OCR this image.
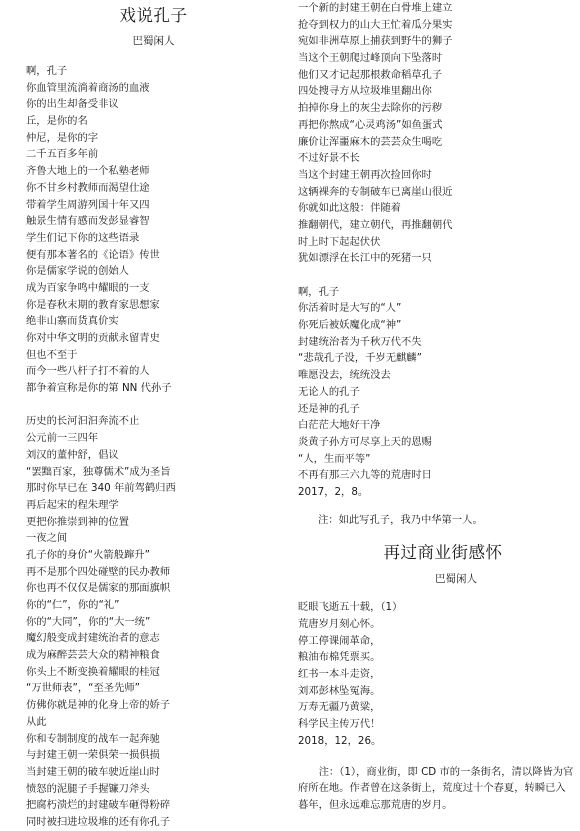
戏说孔子
巴蜀闲人
啊，孔子
你血管里流淌着商汤的血液
你的出生却备受非议
丘，是你的名
仲尼，是你的字
二千五百多年前
齐鲁大地上的一个私塾老师
你不甘乡村教师而渴望仕途
带着学生周游列国十年又四
触景生情有感而发彭显睿智
学生们记下你的这些语录
便有那本著名的《论语》传世
你是儒家学说的创始人
成为百家争鸣中耀眼的一支
你是春秋末期的教育家思想家
绝非山寨而货真价实
你对中华文明的贡献永留青史
但也不至于
而今一些八杆子打不着的人
都争着宣称是你的第 NN 代孙子
历史的长河汩汩奔流不止
公元前一三四年
刘汉的董仲舒，倡议
“罢黜百家，独尊儒术”成为圣旨
那时你早已在 340 年前驾鹤归西
再后起宋的程朱理学
更把你推崇到神的位置
一夜之间
孔子你的身价“火箭般蹿升”
再不是那个四处碰壁的民办教师
你也再不仅仅是儒家的那面旗帜
你的“仁”，你的“礼”
你的“大同”，你的“大一统”
魔幻般变成封建统治者的意志
成为麻醉芸芸大众的精神粮食
你头上不断变换着耀眼的桂冠
“万世师表”，“至圣先师”
仿佛你就是神的化身上帝的娇子
从此
你和专制制度的战车一起奔驰
与封建王朝一荣俱荣一损俱损
当封建王朝的破车驶近崖山时
愤怒的泥腿子手握镰刀斧头
把腐朽溃烂的封建破车砸得粉碎
同时被扫进垃圾堆的还有你孔子
一个新的封建王朝在白骨堆上建立
抢夺到权力的山大王忙着瓜分果实
宛如非洲草原上捕获到野牛的狮子
当这个王朝爬过峰顶向下坠落时
他们又才记起那根救命稻草孔子
四处搜寻方从垃圾堆里翻出你
拍掉你身上的灰尘去除你的污秽
再把你熬成“心灵鸡汤”如鱼蛋式
廉价让浑噩麻木的芸芸众生喝吃
不过好景不长
当这个封建王朝再次捡回你时
这辆裸奔的专制破车已离崖山很近
你就如此这般：伴随着
推翻朝代，建立朝代，再推翻朝代
时上时下起起伏伏
犹如漂浮在长江中的死猪一只
啊，孔子
你活着时是大写的“人”
你死后被妖魔化成“神”
封建统治者为千秋万代不失
“悲哉孔子没，千岁无麒麟”
唯愿没去，统统没去
无论人的孔子
还是神的孔子
白茫茫大地好干净
炎黄子孙方可尽享上天的恩赐
“人，生而平等”
不再有那三六九等的荒唐时日
2017，2，8。
注：如此写孔子，我乃中华第一人。
再过商业街感怀
巴蜀闲人
眨眼飞逝五十载，（1）
荒唐岁月刻心怀。
停工停课闹革命，
粮油布棉凭票买。
红书一本斗走资，
刘邓彭林坠冤海。
万寿无疆乃黄粱，
科学民主传万代！
2018，12，26。
注：（1），商业街，即 CD 市的一条街名，清以降皆为官府所在地。作者曾在这条街上，荒度过十个春夏，转瞬已入暮年，但永远难忘那荒唐的岁月。
